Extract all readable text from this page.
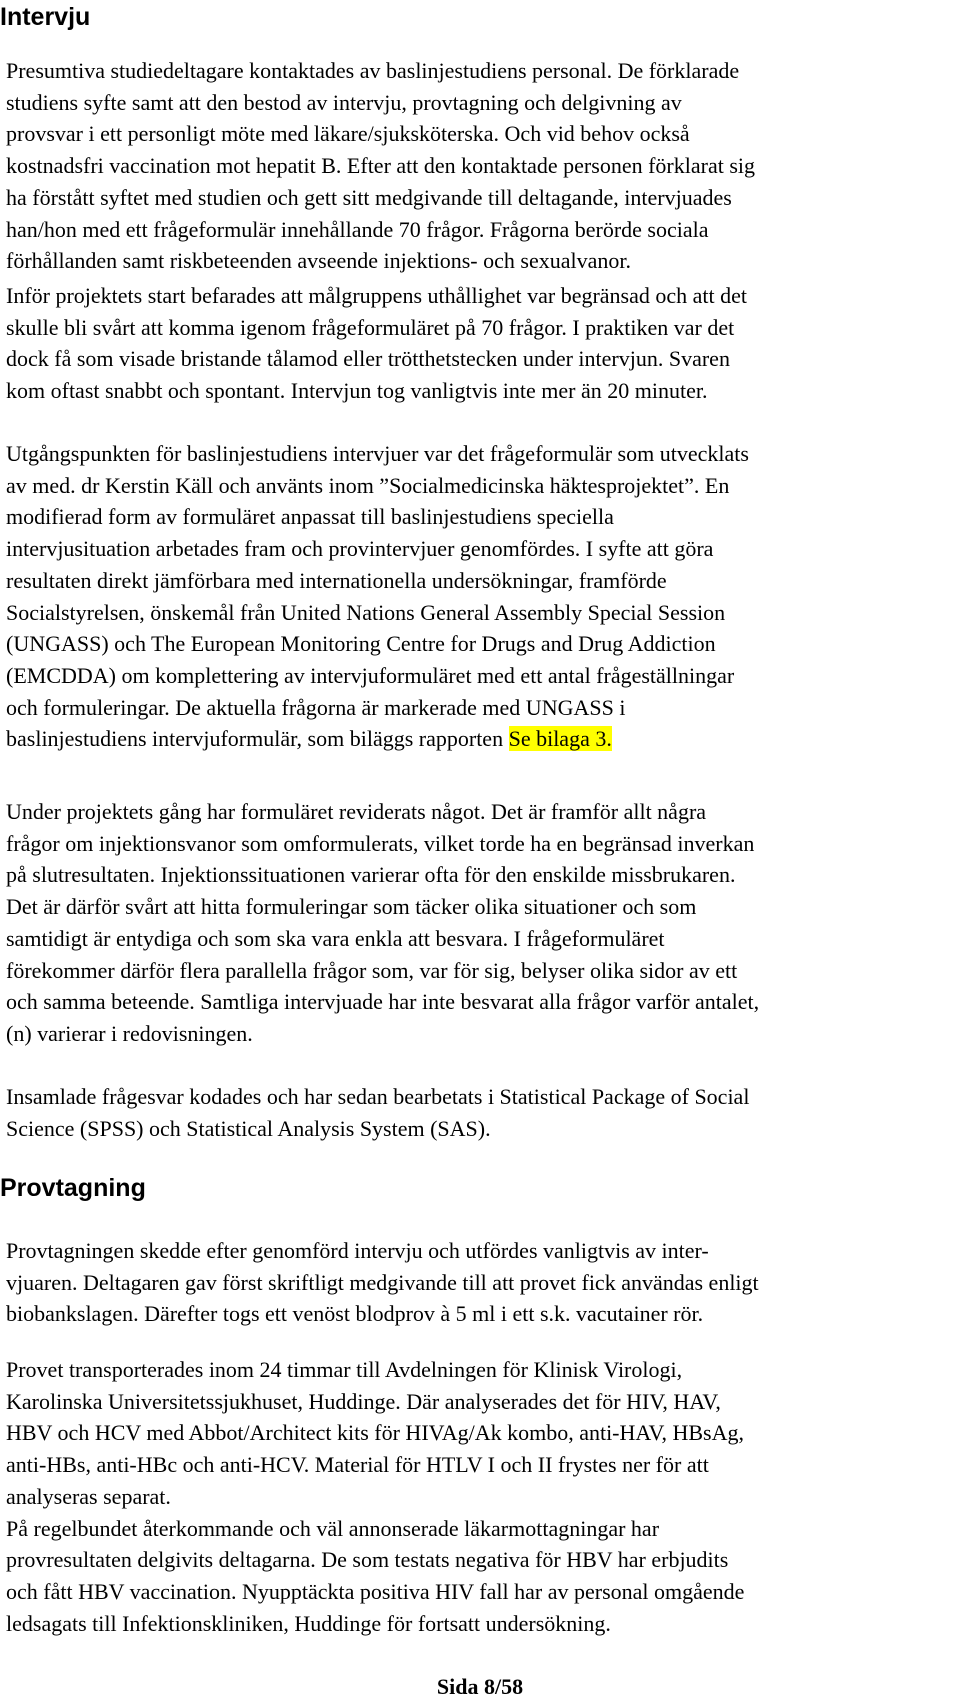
Intervju

Presumtiva studiedeltagare kontaktades av baslinjestudiens personal. De förklarade
studiens syfte samt att den bestod av intervju, provtagning och delgivning av
provsvar i ett personligt möte med läkare/sjuksköterska. Och vid behov också
kostnadsfri vaccination mot hepatit B. Efter att den kontaktade personen förklarat sig
ha förstått syftet med studien och gett sitt medgivande till deltagande, intervjuades
han/hon med ett frågeformulär innehållande 70 frågor. Frågorna berörde sociala
förhållanden samt riskbeteenden avseende injektions- och sexualvanor.

Inför projektets start befarades att målgruppens uthållighet var begränsad och att det
skulle bli svårt att komma igenom frågeformuläret på 70 frågor. I praktiken var det
dock få som visade bristande tålamod eller trötthetstecken under intervjun. Svaren
kom oftast snabbt och spontant. Intervjun tog vanligtvis inte mer än 20 minuter.

Utgångspunkten för baslinjestudiens intervjuer var det frågeformulär som utvecklats
av med. dr Kerstin Käll och använts inom ”Socialmedicinska häktesprojektet”. En
modifierad form av formuläret anpassat till baslinjestudiens speciella
intervjusituation arbetades fram och provintervjuer genomfördes. I syfte att göra
resultaten direkt jämförbara med internationella undersökningar, framförde
Socialstyrelsen, önskemål från United Nations General Assembly Special Session
(UNGASS) och The European Monitoring Centre for Drugs and Drug Addiction
(EMCDDA) om komplettering av intervjuformuläret med ett antal frågeställningar
och formuleringar. De aktuella frågorna är markerade med UNGASS i
baslinjestudiens intervjuformulär, som biläggs rapporten Se bilaga 3.

Under projektets gång har formuläret reviderats något. Det är framför allt några
frågor om injektionsvanor som omformulerats, vilket torde ha en begränsad inverkan
på slutresultaten. Injektionssituationen varierar ofta för den enskilde missbrukaren.
Det är därför svårt att hitta formuleringar som täcker olika situationer och som
samtidigt är entydiga och som ska vara enkla att besvara. I frågeformuläret
förekommer därför flera parallella frågor som, var för sig, belyser olika sidor av ett
och samma beteende. Samtliga intervjuade har inte besvarat alla frågor varför antalet,
(n) varierar i redovisningen.

Insamlade frågesvar kodades och har sedan bearbetats i Statistical Package of Social
Science (SPSS) och Statistical Analysis System (SAS).

Provtagning

Provtagningen skedde efter genomförd intervju och utfördes vanligtvis av inter-
vjuaren. Deltagaren gav först skriftligt medgivande till att provet fick användas enligt
biobankslagen. Därefter togs ett venöst blodprov à 5 ml i ett s.k. vacutainer rör.

Provet transporterades inom 24 timmar till Avdelningen för Klinisk Virologi,
Karolinska Universitetssjukhuset, Huddinge. Där analyserades det för HIV, HAV,
HBV och HCV med Abbot/Architect kits för HIVAg/Ak kombo, anti-HAV, HBsAg,
anti-HBs, anti-HBc och anti-HCV. Material för HTLV I och II frystes ner för att
analyseras separat.
På regelbundet återkommande och väl annonserade läkarmottagningar har
provresultaten delgivits deltagarna. De som testats negativa för HBV har erbjudits
och fått HBV vaccination. Nyupptäckta positiva HIV fall har av personal omgående
ledsagats till Infektionskliniken, Huddinge för fortsatt undersökning.

Sida 8/58
